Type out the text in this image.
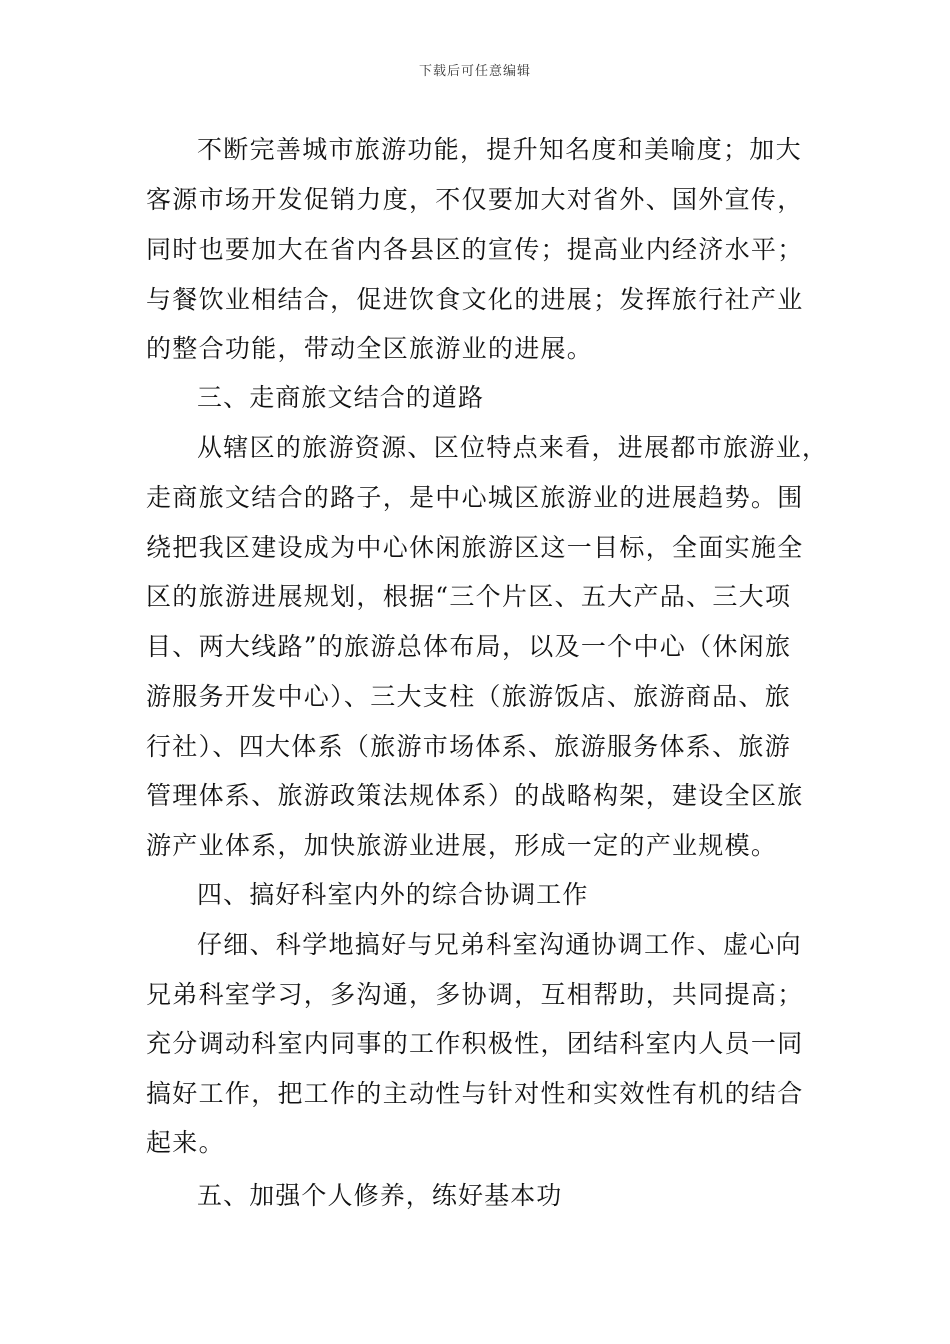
下载后可任意编辑
不断完善城市旅游功能，提升知名度和美喻度；加大
客源市场开发促销力度，不仅要加大对省外、国外宣传，
同时也要加大在省内各县区的宣传；提高业内经济水平；
与餐饮业相结合，促进饮食文化的进展；发挥旅行社产业
的整合功能，带动全区旅游业的进展。
三、走商旅文结合的道路
从辖区的旅游资源、区位特点来看，进展都市旅游业，
走商旅文结合的路子，是中心城区旅游业的进展趋势。围
绕把我区建设成为中心休闲旅游区这一目标，全面实施全
区的旅游进展规划，根据“三个片区、五大产品、三大项
目、两大线路”的旅游总体布局，以及一个中心（休闲旅
游服务开发中心）、三大支柱（旅游饭店、旅游商品、旅
行社）、四大体系（旅游市场体系、旅游服务体系、旅游
管理体系、旅游政策法规体系）的战略构架，建设全区旅
游产业体系，加快旅游业进展，形成一定的产业规模。
四、搞好科室内外的综合协调工作
仔细、科学地搞好与兄弟科室沟通协调工作、虚心向
兄弟科室学习，多沟通，多协调，互相帮助，共同提高；
充分调动科室内同事的工作积极性，团结科室内人员一同
搞好工作，把工作的主动性与针对性和实效性有机的结合
起来。
五、加强个人修养，练好基本功
